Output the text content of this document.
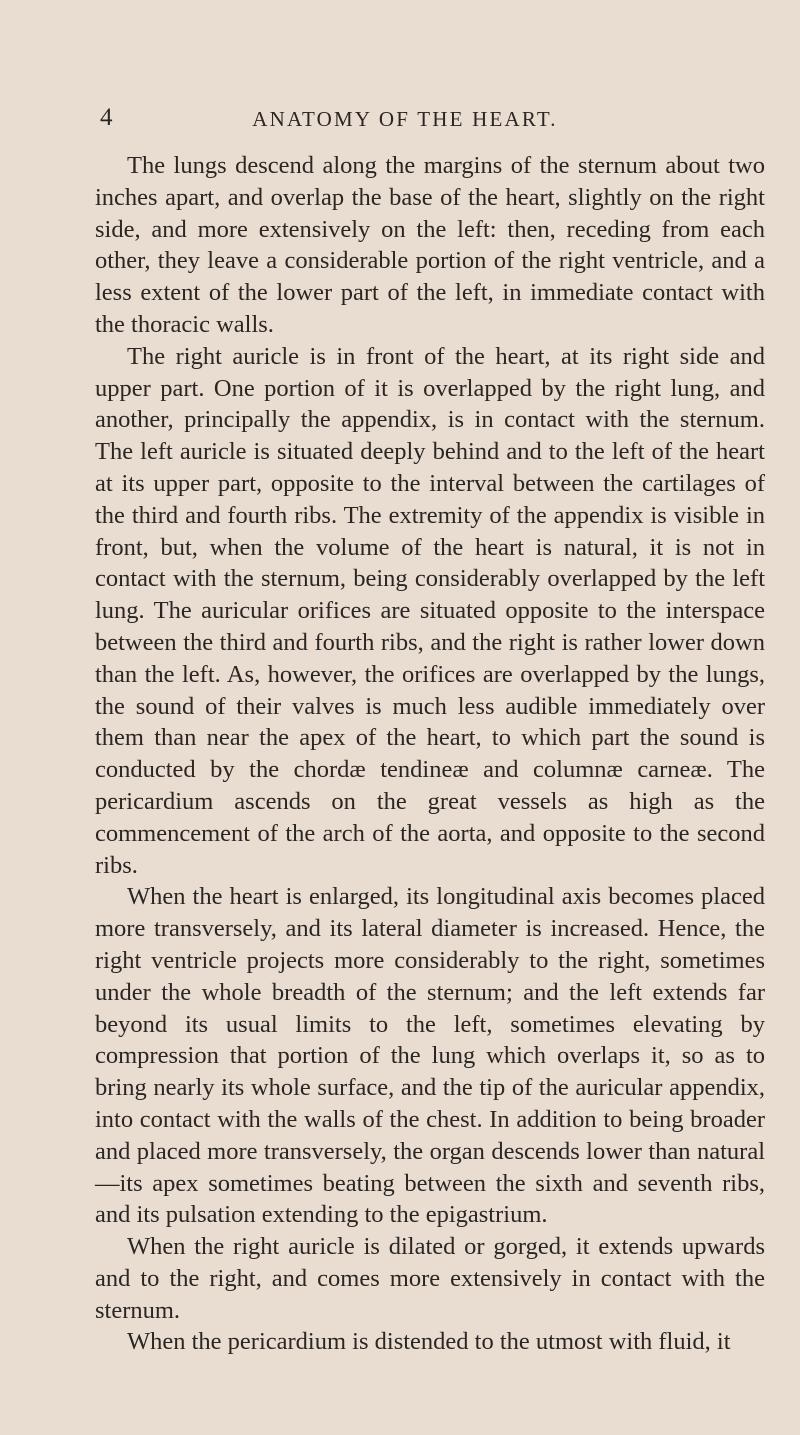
4	ANATOMY OF THE HEART.

The lungs descend along the margins of the sternum about two inches apart, and overlap the base of the heart, slightly on the right side, and more extensively on the left: then, receding from each other, they leave a considerable portion of the right ventricle, and a less extent of the lower part of the left, in immediate contact with the thoracic walls.

The right auricle is in front of the heart, at its right side and upper part. One portion of it is overlapped by the right lung, and another, principally the appendix, is in contact with the sternum. The left auricle is situated deeply behind and to the left of the heart at its upper part, opposite to the interval between the cartilages of the third and fourth ribs. The extremity of the appendix is visible in front, but, when the volume of the heart is natural, it is not in contact with the sternum, being considerably overlapped by the left lung. The auricular orifices are situated opposite to the interspace between the third and fourth ribs, and the right is rather lower down than the left. As, however, the orifices are overlapped by the lungs, the sound of their valves is much less audible immediately over them than near the apex of the heart, to which part the sound is conducted by the chordæ tendineæ and columnæ carneæ. The pericardium ascends on the great vessels as high as the commencement of the arch of the aorta, and opposite to the second ribs.

When the heart is enlarged, its longitudinal axis becomes placed more transversely, and its lateral diameter is increased. Hence, the right ventricle projects more considerably to the right, sometimes under the whole breadth of the sternum; and the left extends far beyond its usual limits to the left, sometimes elevating by compression that portion of the lung which overlaps it, so as to bring nearly its whole surface, and the tip of the auricular appendix, into contact with the walls of the chest. In addition to being broader and placed more transversely, the organ descends lower than natural—its apex sometimes beating between the sixth and seventh ribs, and its pulsation extending to the epigastrium.

When the right auricle is dilated or gorged, it extends upwards and to the right, and comes more extensively in contact with the sternum.

When the pericardium is distended to the utmost with fluid, it
